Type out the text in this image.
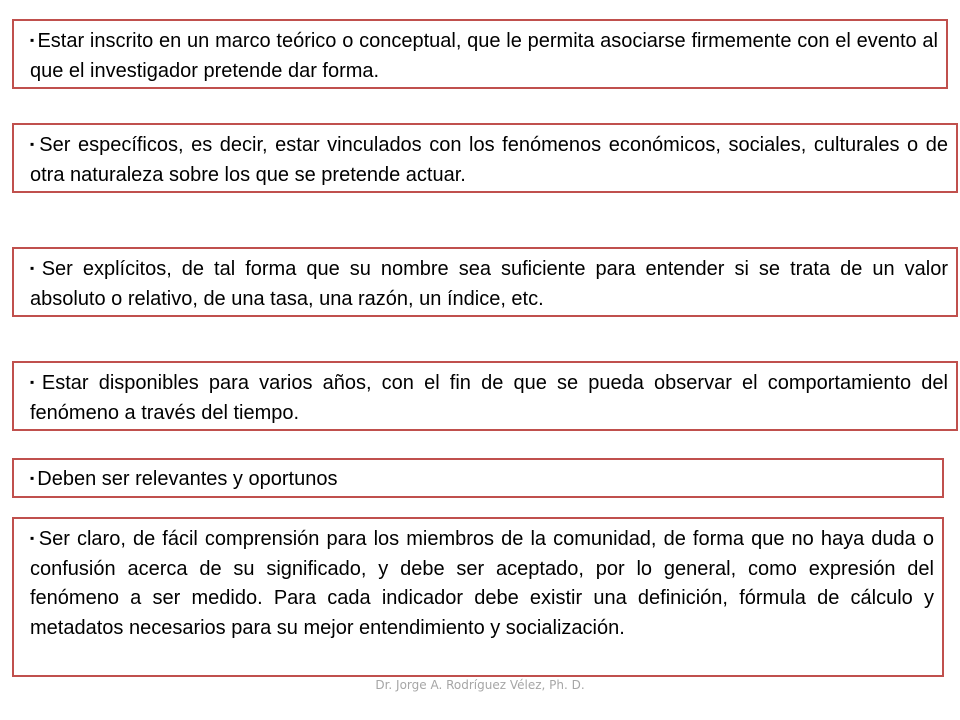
▪ Estar inscrito en un marco teórico o conceptual, que le permita asociarse firmemente con el evento al que el investigador pretende dar forma.
▪ Ser específicos, es decir, estar vinculados con los fenómenos económicos, sociales, culturales o de otra naturaleza sobre los que se pretende actuar.
▪ Ser explícitos, de tal forma que su nombre sea suficiente para entender si se trata de un valor absoluto o relativo, de una tasa, una razón, un índice, etc.
▪ Estar disponibles para varios años, con el fin de que se pueda observar el comportamiento del fenómeno a través del tiempo.
▪ Deben ser relevantes y oportunos
▪ Ser claro, de fácil comprensión para los miembros de la comunidad, de forma que no haya duda o confusión acerca de su significado, y debe ser aceptado, por lo general, como expresión del fenómeno a ser medido. Para cada indicador debe existir una definición, fórmula de cálculo y metadatos necesarios para su mejor entendimiento y socialización.
Dr. Jorge A. Rodríguez Vélez, Ph. D.
